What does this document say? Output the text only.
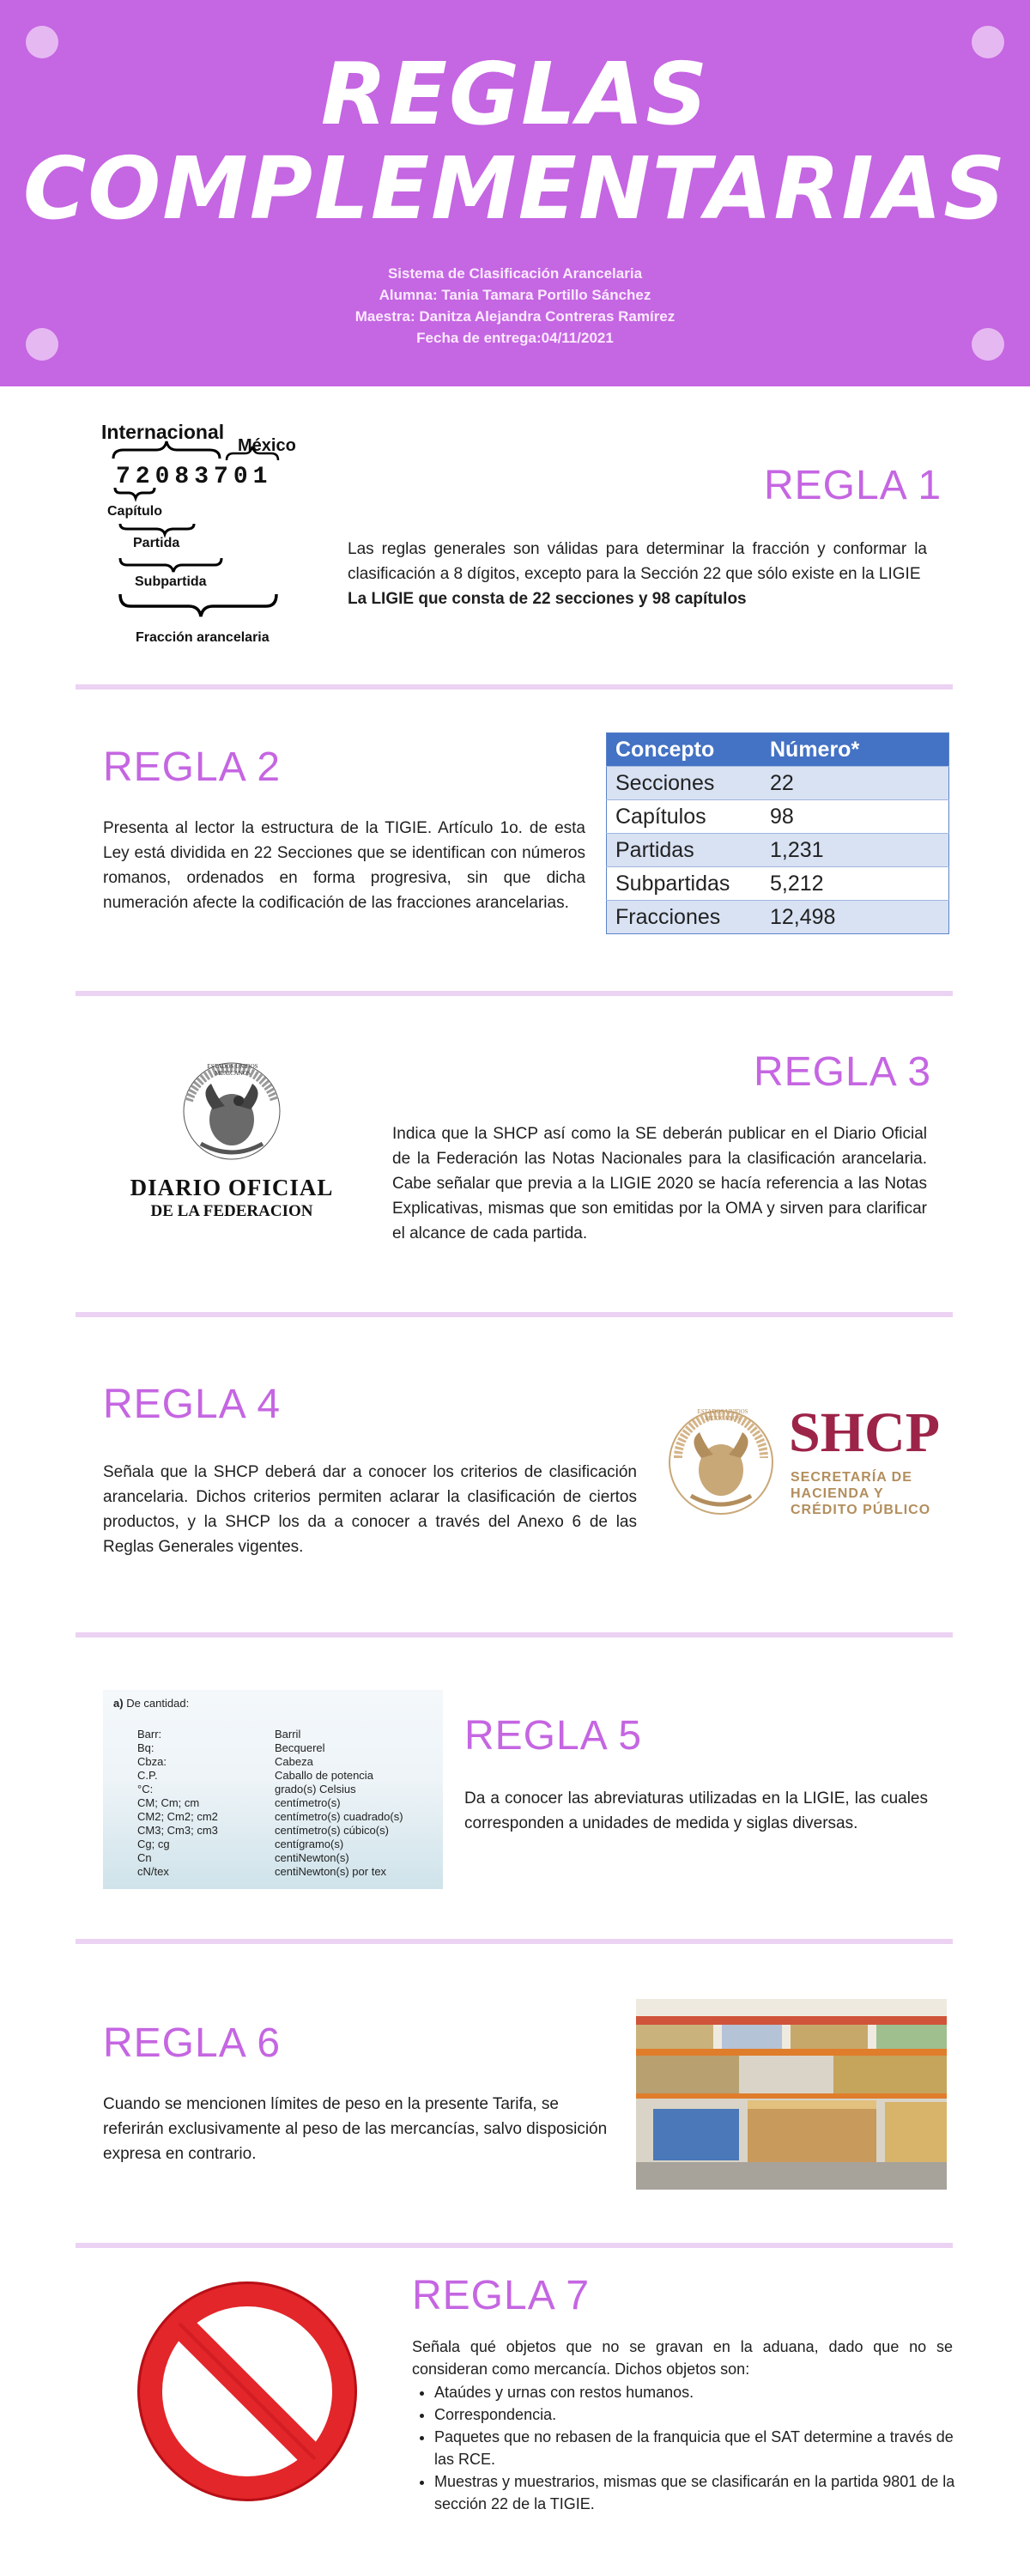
REGLAS
COMPLEMENTARIAS
Sistema de Clasificación Arancelaria
Alumna: Tania Tamara Portillo Sánchez
Maestra: Danitza Alejandra Contreras Ramírez
Fecha de entrega:04/11/2021
Internacional
México
72083701
Capítulo
Partida
Subpartida
Fracción arancelaria
REGLA 1
Las reglas generales son válidas para determinar la fracción y conformar la clasificación a 8 dígitos, excepto para la Sección 22 que sólo existe en la LIGIE
La LIGIE que consta de 22 secciones y 98 capítulos
REGLA 2
Presenta al lector la estructura de la TIGIE. Artículo 1o. de esta Ley está dividida en 22 Secciones que se identifican con números romanos, ordenados en forma progresiva, sin que dicha numeración afecte la codificación de las fracciones arancelarias.
Concepto	Número*
Secciones	22
Capítulos	98
Partidas	1,231
Subpartidas	5,212
Fracciones	12,498
ESTADOS UNIDOS MEXICANOS
DIARIO OFICIAL
DE LA FEDERACION
REGLA 3
Indica que la SHCP así como la SE deberán publicar en el Diario Oficial de la Federación las Notas Nacionales para la clasificación arancelaria. Cabe señalar que previa a la LIGIE 2020 se hacía referencia a las Notas Explicativas, mismas que son emitidas por la OMA y sirven para clarificar el alcance de cada partida.
REGLA 4
Señala que la SHCP deberá dar a conocer los criterios de clasificación arancelaria. Dichos criterios permiten aclarar la clasificación de ciertos productos, y la SHCP los da a conocer a través del Anexo 6 de las Reglas Generales vigentes.
ESTADOS UNIDOS MEXICANOS SHCP
SECRETARÍA DE
HACIENDA Y
CRÉDITO PÚBLICO
a) De cantidad:
Barr:	Barril
Bq:	Becquerel
Cbza:	Cabeza
C.P.	Caballo de potencia
°C:	grado(s) Celsius
CM; Cm; cm	centímetro(s)
CM2; Cm2; cm2	centímetro(s) cuadrado(s)
CM3; Cm3; cm3	centímetro(s) cúbico(s)
Cg; cg	centígramo(s)
Cn	centiNewton(s)
cN/tex	centiNewton(s) por tex
REGLA 5
Da a conocer las abreviaturas utilizadas en la LIGIE, las cuales corresponden a unidades de medida y siglas diversas.
REGLA 6
Cuando se mencionen límites de peso en la presente Tarifa, se referirán exclusivamente al peso de las mercancías, salvo disposición expresa en contrario.
REGLA 7
Señala qué objetos que no se gravan en la aduana, dado que no se consideran como mercancía. Dichos objetos son:
• Ataúdes y urnas con restos humanos.
• Correspondencia.
• Paquetes que no rebasen de la franquicia que el SAT determine a través de las RCE.
• Muestras y muestrarios, mismas que se clasificarán en la partida 9801 de la sección 22 de la TIGIE.
